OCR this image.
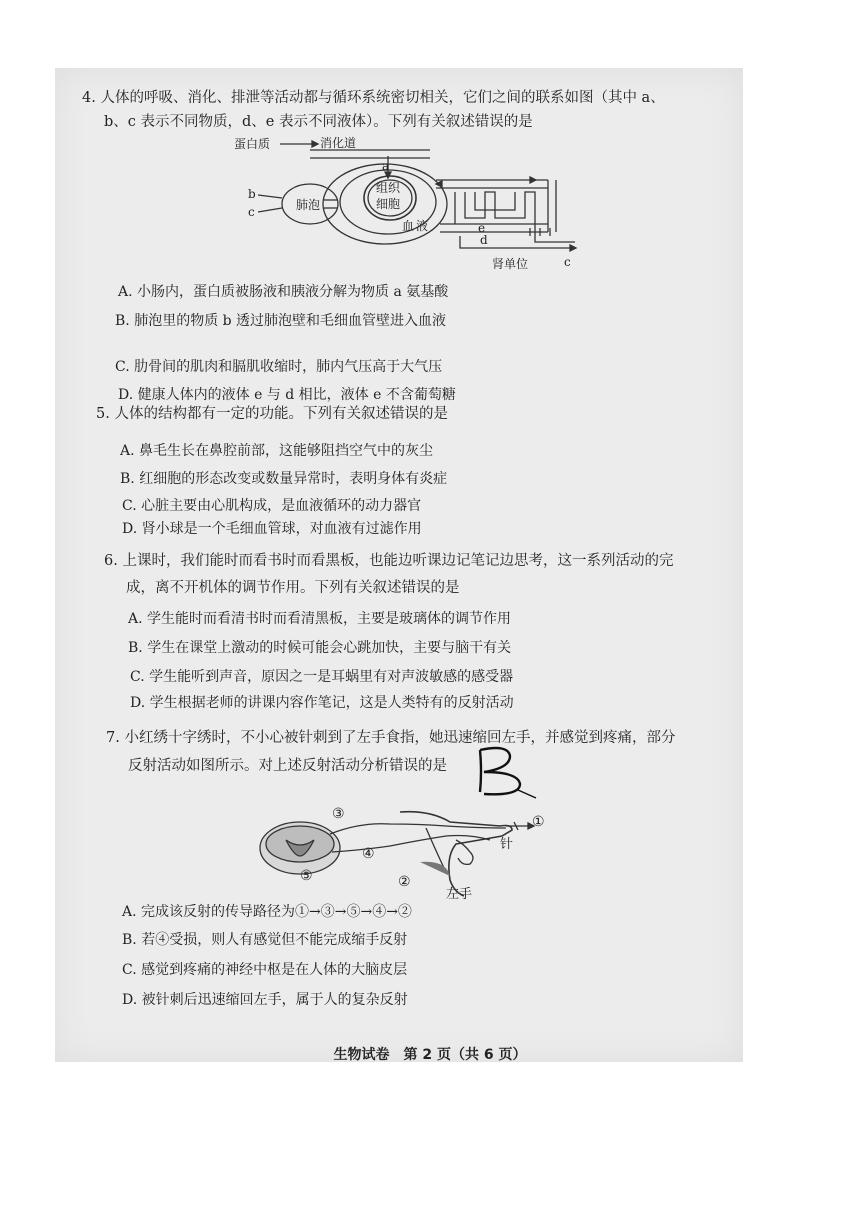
4. 人体的呼吸、消化、排泄等活动都与循环系统密切相关，它们之间的联系如图（其中 a、
b、c 表示不同物质，d、e 表示不同液体）。下列有关叙述错误的是
蛋白质	消化道
a
b
c	肺泡
组织
细胞
血 液
d
e
肾单位	c
A. 小肠内，蛋白质被肠液和胰液分解为物质 a 氨基酸
B. 肺泡里的物质 b 透过肺泡壁和毛细血管壁进入血液
C. 肋骨间的肌肉和膈肌收缩时，肺内气压高于大气压
D. 健康人体内的液体 e 与 d 相比，液体 e 不含葡萄糖
5. 人体的结构都有一定的功能。下列有关叙述错误的是
A. 鼻毛生长在鼻腔前部，这能够阻挡空气中的灰尘
B. 红细胞的形态改变或数量异常时，表明身体有炎症
C. 心脏主要由心肌构成，是血液循环的动力器官
D. 肾小球是一个毛细血管球，对血液有过滤作用
6. 上课时，我们能时而看书时而看黑板，也能边听课边记笔记边思考，这一系列活动的完
成，离不开机体的调节作用。下列有关叙述错误的是
A. 学生能时而看清书时而看清黑板，主要是玻璃体的调节作用
B. 学生在课堂上激动的时候可能会心跳加快，主要与脑干有关
C. 学生能听到声音，原因之一是耳蜗里有对声波敏感的感受器
D. 学生根据老师的讲课内容作笔记，这是人类特有的反射活动
7. 小红绣十字绣时，不小心被针刺到了左手食指，她迅速缩回左手，并感觉到疼痛，部分
反射活动如图所示。对上述反射活动分析错误的是
③
④
⑤	②
①
针
左手
A. 完成该反射的传导路径为①→③→⑤→④→②
B. 若④受损，则人有感觉但不能完成缩手反射
C. 感觉到疼痛的神经中枢是在人体的大脑皮层
D. 被针刺后迅速缩回左手，属于人的复杂反射
生物试卷　第 2 页（共 6 页）
